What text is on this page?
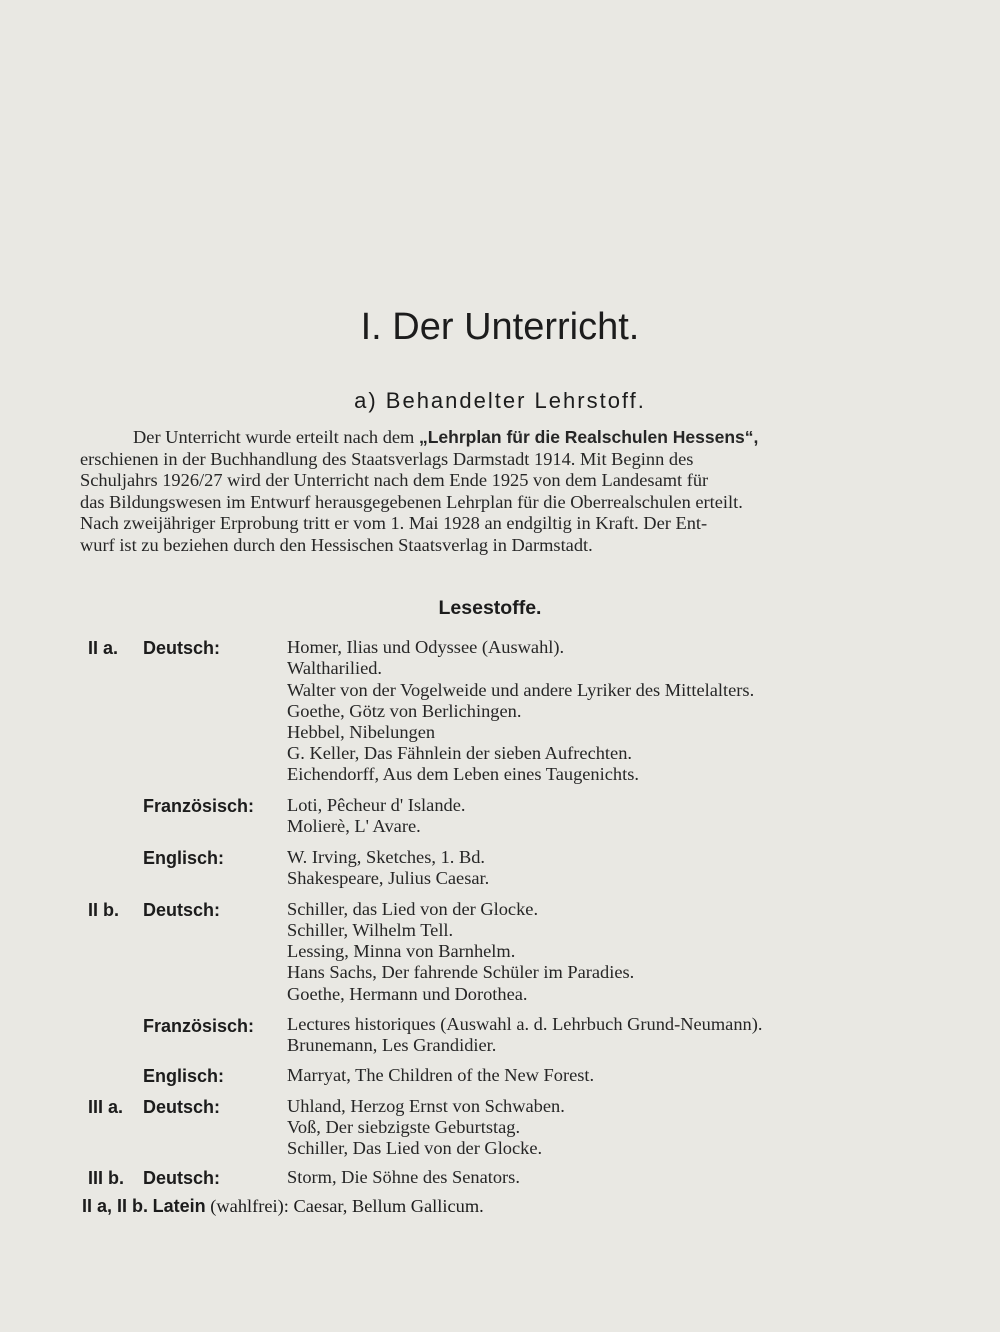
I. Der Unterricht.
a) Behandelter Lehrstoff.
Der Unterricht wurde erteilt nach dem „Lehrplan für die Realschulen Hessens“,
erschienen in der Buchhandlung des Staatsverlags Darmstadt 1914. Mit Beginn des
Schuljahrs 1926/27 wird der Unterricht nach dem Ende 1925 von dem Landesamt für
das Bildungswesen im Entwurf herausgegebenen Lehrplan für die Oberrealschulen erteilt.
Nach zweijähriger Erprobung tritt er vom 1. Mai 1928 an endgiltig in Kraft. Der Ent-
wurf ist zu beziehen durch den Hessischen Staatsverlag in Darmstadt.
Lesestoffe.
II a. Deutsch:	Homer, Ilias und Odyssee (Auswahl).
Waltharilied.
Walter von der Vogelweide und andere Lyriker des Mittelalters.
Goethe, Götz von Berlichingen.
Hebbel, Nibelungen
G. Keller, Das Fähnlein der sieben Aufrechten.
Eichendorff, Aus dem Leben eines Taugenichts.
Französisch: Loti, Pêcheur d' Islande.
Molierè, L' Avare.
Englisch:	W. Irving, Sketches, 1. Bd.
Shakespeare, Julius Caesar.
II b. Deutsch:	Schiller, das Lied von der Glocke.
Schiller, Wilhelm Tell.
Lessing, Minna von Barnhelm.
Hans Sachs, Der fahrende Schüler im Paradies.
Goethe, Hermann und Dorothea.
Französisch: Lectures historiques (Auswahl a. d. Lehrbuch Grund-Neumann).
Brunemann, Les Grandidier.
Englisch:	Marryat, The Children of the New Forest.
III a. Deutsch:	Uhland, Herzog Ernst von Schwaben.
Voß, Der siebzigste Geburtstag.
Schiller, Das Lied von der Glocke.
III b. Deutsch:	Storm, Die Söhne des Senators.
II a, II b. Latein (wahlfrei): Caesar, Bellum Gallicum.
